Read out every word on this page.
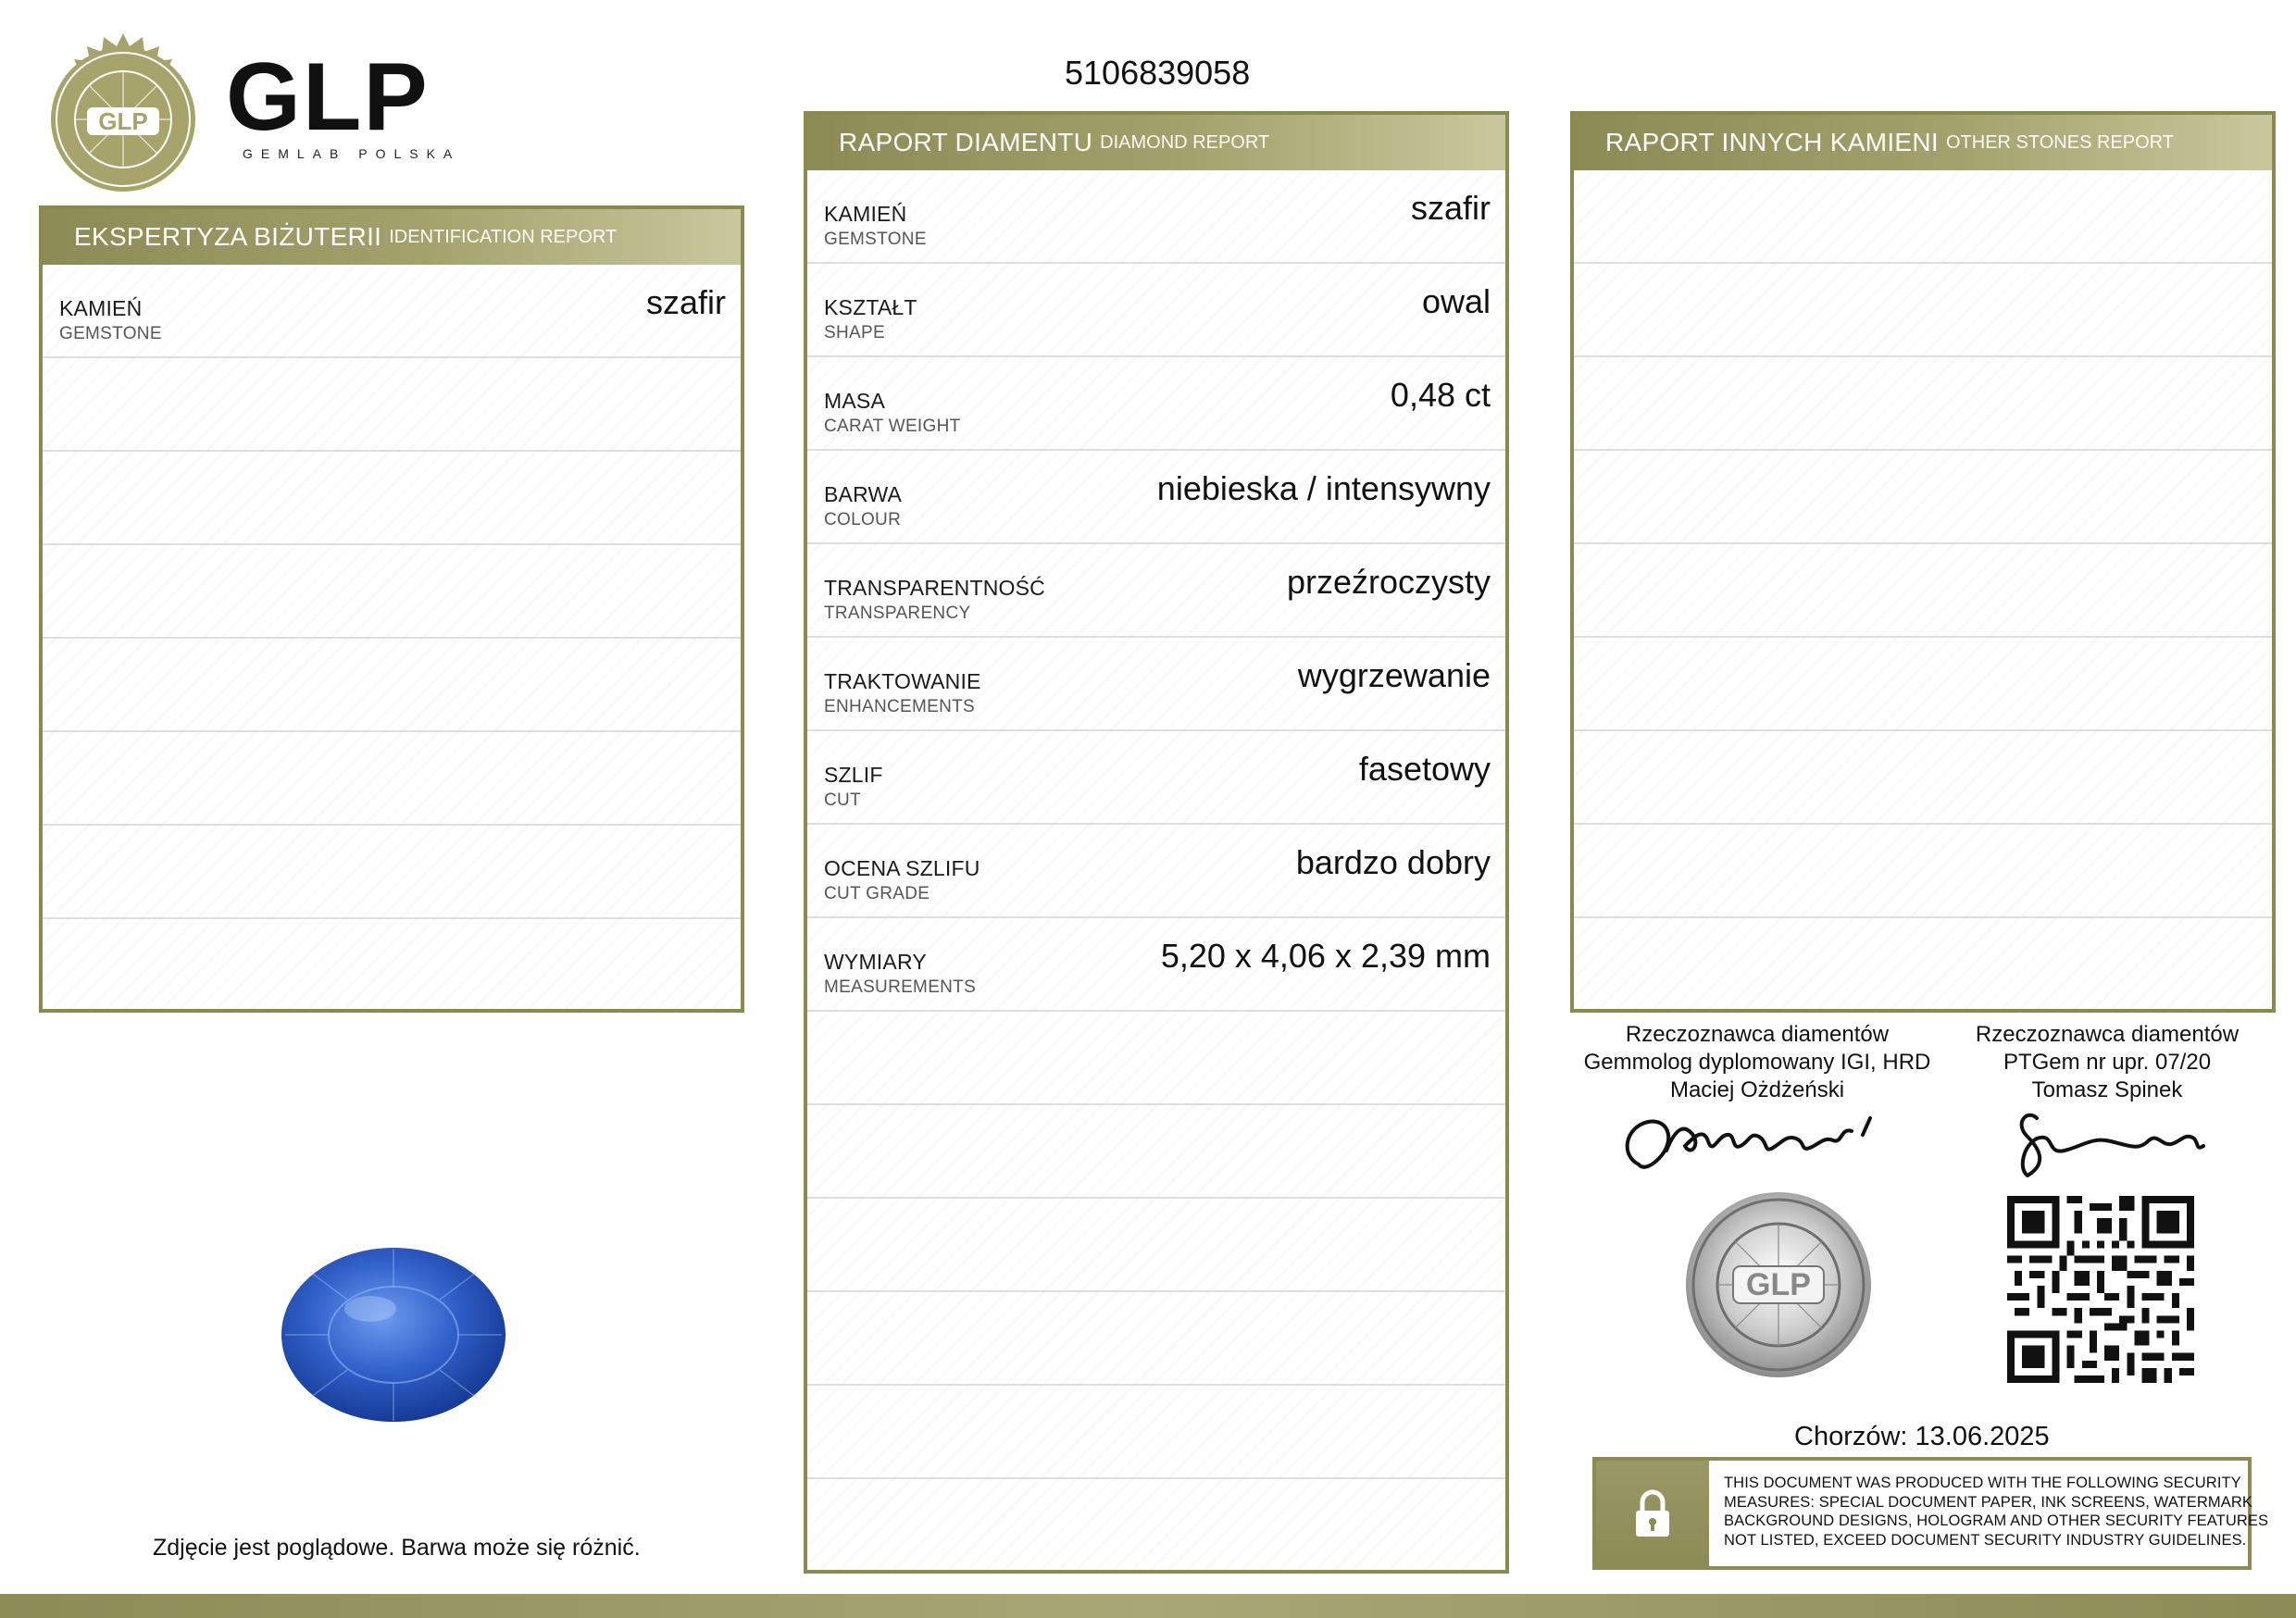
GLP GLP
GEMLAB POLSKA
5106839058
EKSPERTYZA BIŻUTERII IDENTIFICATION REPORT
KAMIEŃ
GEMSTONE
szafir
RAPORT DIAMENTU DIAMOND REPORT
KAMIEŃ
GEMSTONE
szafir
KSZTAŁT
SHAPE
owal
MASA
CARAT WEIGHT
0,48 ct
BARWA
COLOUR
niebieska / intensywny
TRANSPARENTNOŚĆ
TRANSPARENCY
przeźroczysty
TRAKTOWANIE
ENHANCEMENTS
wygrzewanie
SZLIF
CUT
fasetowy
OCENA SZLIFU
CUT GRADE
bardzo dobry
WYMIARY
MEASUREMENTS
5,20 x 4,06 x 2,39 mm
RAPORT INNYCH KAMIENI OTHER STONES REPORT
Zdjęcie jest poglądowe. Barwa może się różnić.
Rzeczoznawca diamentów
Gemmolog dyplomowany IGI, HRD
Maciej Ożdżeński
Rzeczoznawca diamentów
PTGem nr upr. 07/20
Tomasz Spinek
GLP
Chorzów: 13.06.2025
THIS DOCUMENT WAS PRODUCED WITH THE FOLLOWING SECURITY
MEASURES: SPECIAL DOCUMENT PAPER, INK SCREENS, WATERMARK
BACKGROUND DESIGNS, HOLOGRAM AND OTHER SECURITY FEATURES
NOT LISTED, EXCEED DOCUMENT SECURITY INDUSTRY GUIDELINES.
